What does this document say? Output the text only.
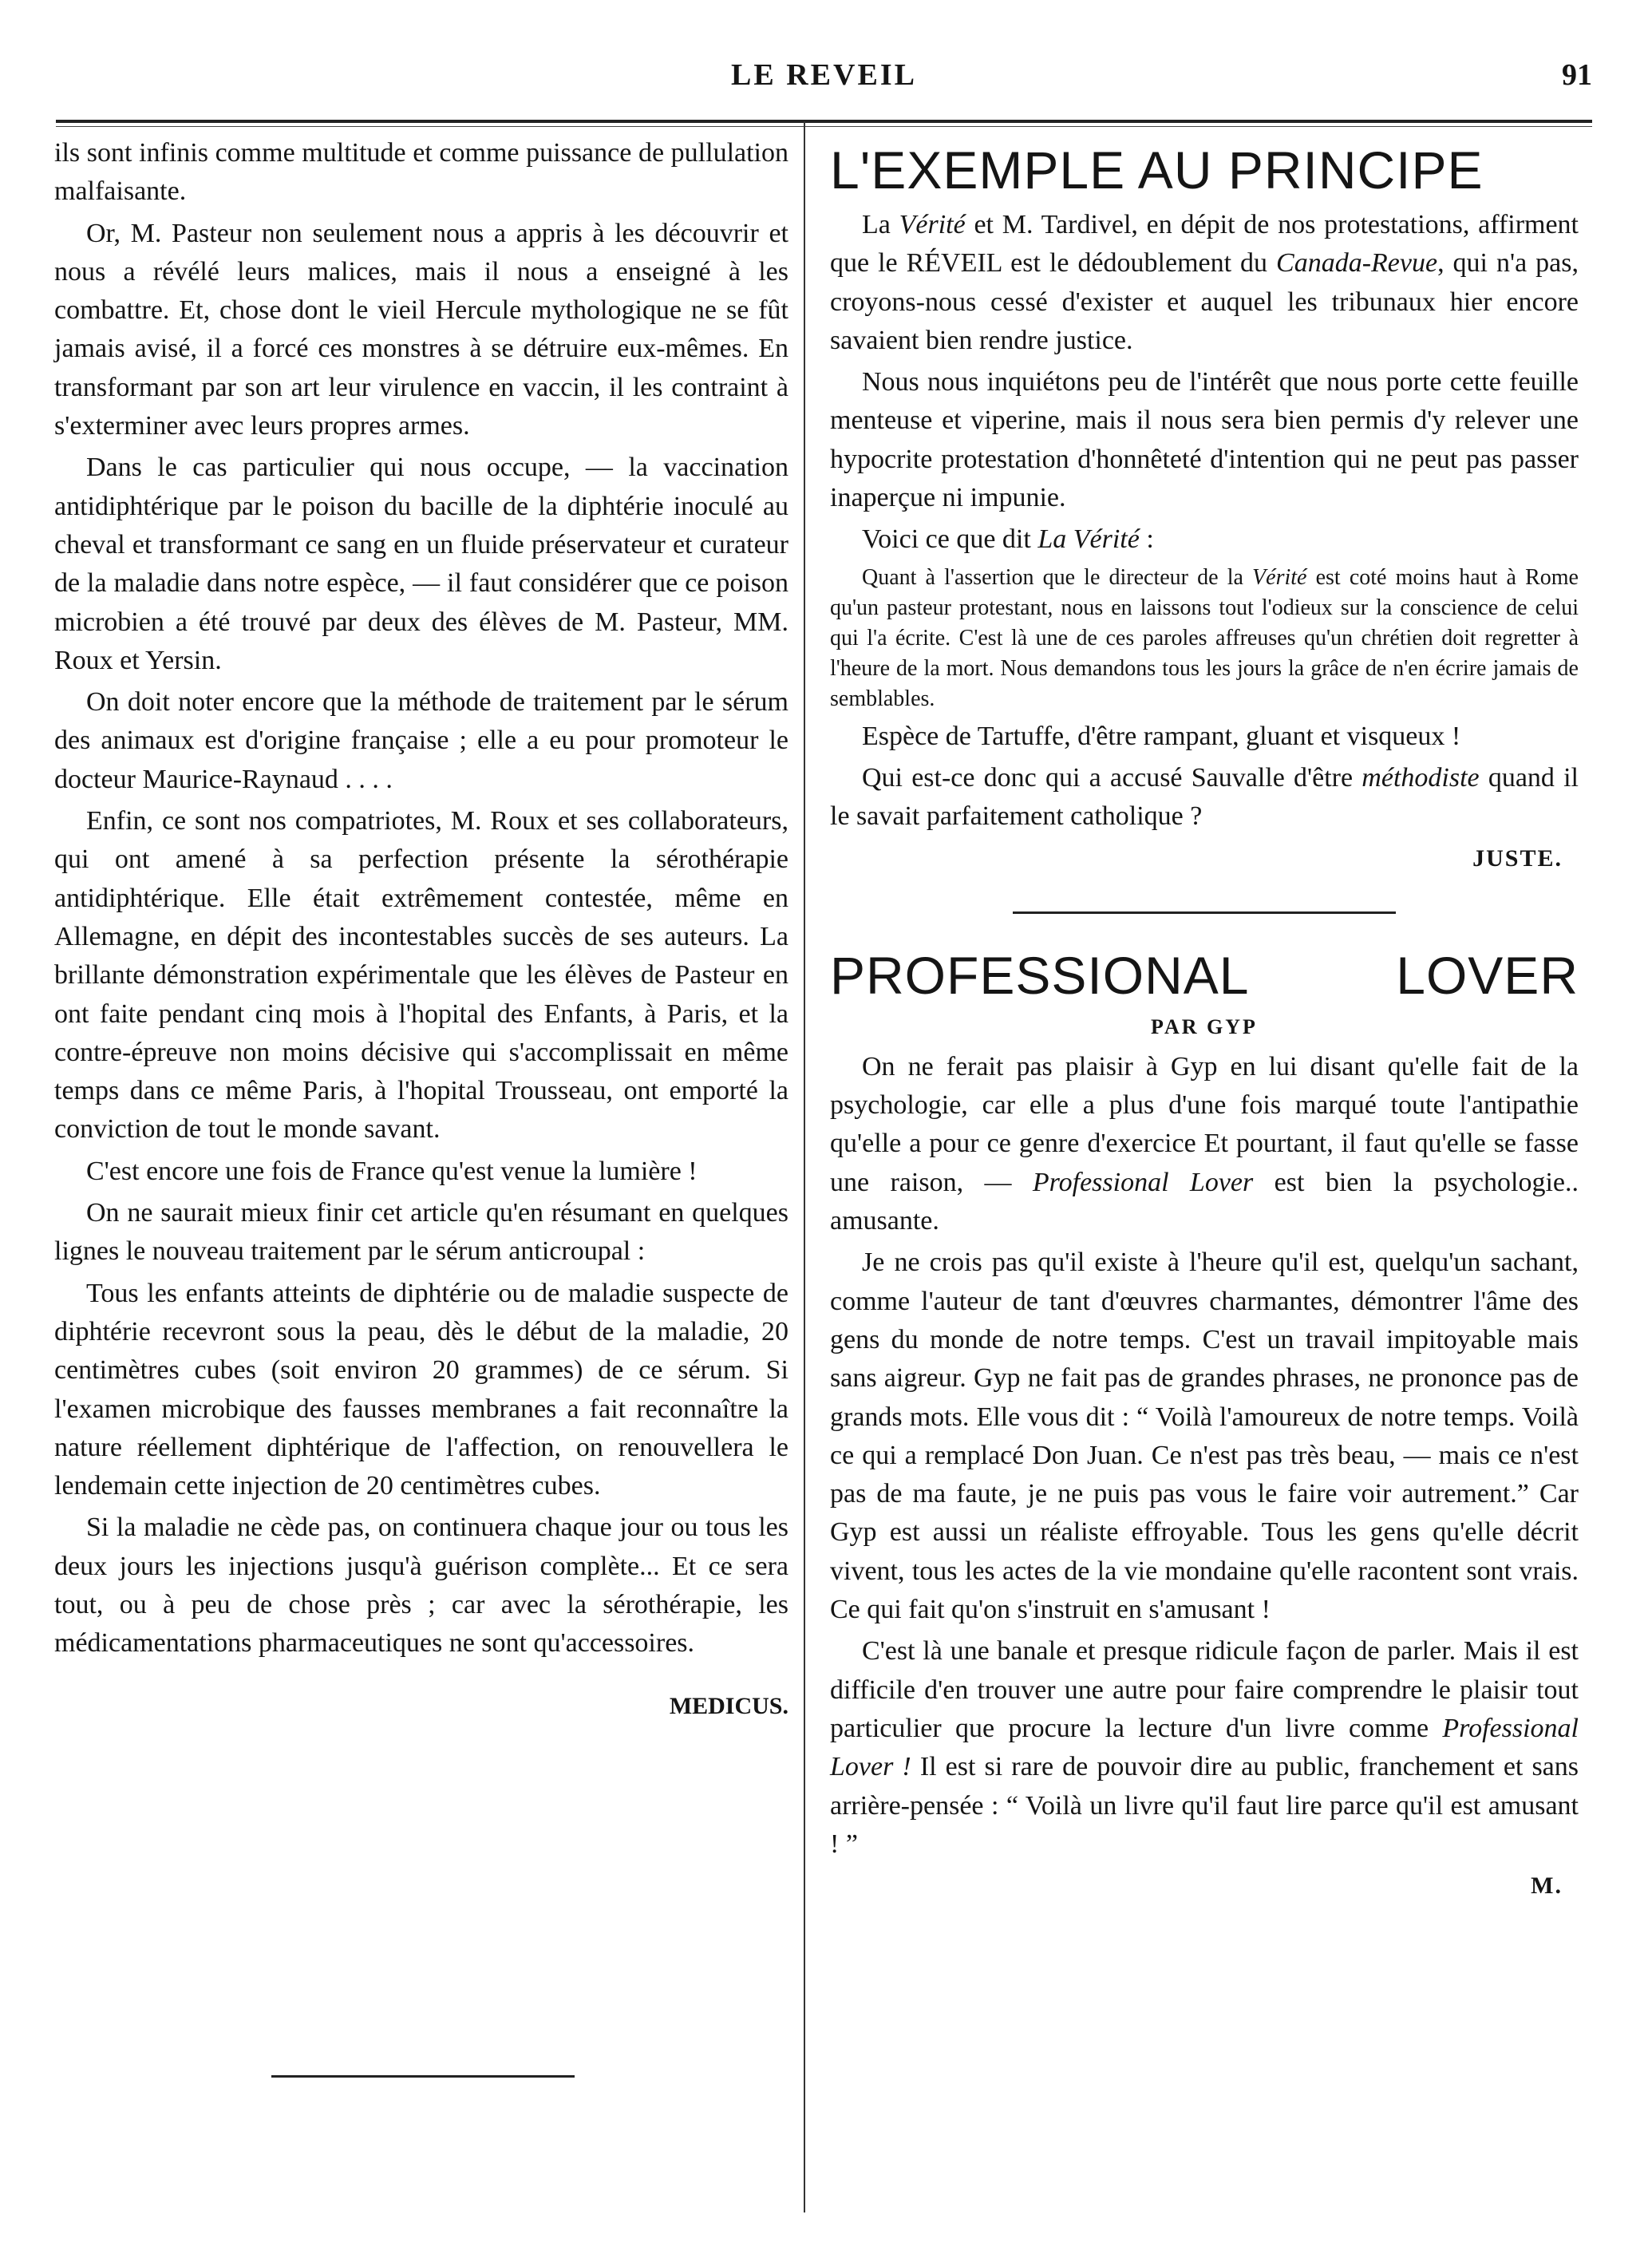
LE REVEIL	91

ils sont infinis comme multitude et comme puissance de pullulation malfaisante.

Or, M. Pasteur non seulement nous a appris à les découvrir et nous a révélé leurs malices, mais il nous a enseigné à les combattre. Et, chose dont le vieil Hercule mythologique ne se fût jamais avisé, il a forcé ces monstres à se détruire eux-mêmes. En transformant par son art leur virulence en vaccin, il les contraint à s'exterminer avec leurs propres armes.

Dans le cas particulier qui nous occupe, — la vaccination antidiphtérique par le poison du bacille de la diphtérie inoculé au cheval et transformant ce sang en un fluide préservateur et curateur de la maladie dans notre espèce, — il faut considérer que ce poison microbien a été trouvé par deux des élèves de M. Pasteur, MM. Roux et Yersin.

On doit noter encore que la méthode de traitement par le sérum des animaux est d'origine française ; elle a eu pour promoteur le docteur Maurice-Raynaud . . . .

Enfin, ce sont nos compatriotes, M. Roux et ses collaborateurs, qui ont amené à sa perfection présente la sérothérapie antidiphtérique. Elle était extrêmement contestée, même en Allemagne, en dépit des incontestables succès de ses auteurs. La brillante démonstration expérimentale que les élèves de Pasteur en ont faite pendant cinq mois à l'hopital des Enfants, à Paris, et la contre-épreuve non moins décisive qui s'accomplissait en même temps dans ce même Paris, à l'hopital Trousseau, ont emporté la conviction de tout le monde savant.

C'est encore une fois de France qu'est venue la lumière !

On ne saurait mieux finir cet article qu'en résumant en quelques lignes le nouveau traitement par le sérum anticroupal :

Tous les enfants atteints de diphtérie ou de maladie suspecte de diphtérie recevront sous la peau, dès le début de la maladie, 20 centimètres cubes (soit environ 20 grammes) de ce sérum. Si l'examen microbique des fausses membranes a fait reconnaître la nature réellement diphtérique de l'affection, on renouvellera le lendemain cette injection de 20 centimètres cubes.

Si la maladie ne cède pas, on continuera chaque jour ou tous les deux jours les injections jusqu'à guérison complète... Et ce sera tout, ou à peu de chose près ; car avec la sérothérapie, les médicamentations pharmaceutiques ne sont qu'accessoires.

MEDICUS.
L'EXEMPLE AU PRINCIPE

La Vérité et M. Tardivel, en dépit de nos protestations, affirment que le RÉVEIL est le dédoublement du Canada-Revue, qui n'a pas, croyons-nous cessé d'exister et auquel les tribunaux hier encore savaient bien rendre justice.

Nous nous inquiétons peu de l'intérêt que nous porte cette feuille menteuse et viperine, mais il nous sera bien permis d'y relever une hypocrite protestation d'honnêteté d'intention qui ne peut pas passer inaperçue ni impunie.

Voici ce que dit La Vérité :

Quant à l'assertion que le directeur de la Vérité est coté moins haut à Rome qu'un pasteur protestant, nous en laissons tout l'odieux sur la conscience de celui qui l'a écrite. C'est là une de ces paroles affreuses qu'un chrétien doit regretter à l'heure de la mort. Nous demandons tous les jours la grâce de n'en écrire jamais de semblables.

Espèce de Tartuffe, d'être rampant, gluant et visqueux !

Qui est-ce donc qui a accusé Sauvalle d'être méthodiste quand il le savait parfaitement catholique ?

JUSTE.
PROFESSIONAL LOVER
PAR GYP

On ne ferait pas plaisir à Gyp en lui disant qu'elle fait de la psychologie, car elle a plus d'une fois marqué toute l'antipathie qu'elle a pour ce genre d'exercice Et pourtant, il faut qu'elle se fasse une raison, — Professional Lover est bien la psychologie.. amusante.

Je ne crois pas qu'il existe à l'heure qu'il est, quelqu'un sachant, comme l'auteur de tant d'œuvres charmantes, démontrer l'âme des gens du monde de notre temps. C'est un travail impitoyable mais sans aigreur. Gyp ne fait pas de grandes phrases, ne prononce pas de grands mots. Elle vous dit : “ Voilà l'amoureux de notre temps. Voilà ce qui a remplacé Don Juan. Ce n'est pas très beau, — mais ce n'est pas de ma faute, je ne puis pas vous le faire voir autrement.” Car Gyp est aussi un réaliste effroyable. Tous les gens qu'elle décrit vivent, tous les actes de la vie mondaine qu'elle racontent sont vrais. Ce qui fait qu'on s'instruit en s'amusant !

C'est là une banale et presque ridicule façon de parler. Mais il est difficile d'en trouver une autre pour faire comprendre le plaisir tout particulier que procure la lecture d'un livre comme Professional Lover ! Il est si rare de pouvoir dire au public, franchement et sans arrière-pensée : “ Voilà un livre qu'il faut lire parce qu'il est amusant ! ”

M.
